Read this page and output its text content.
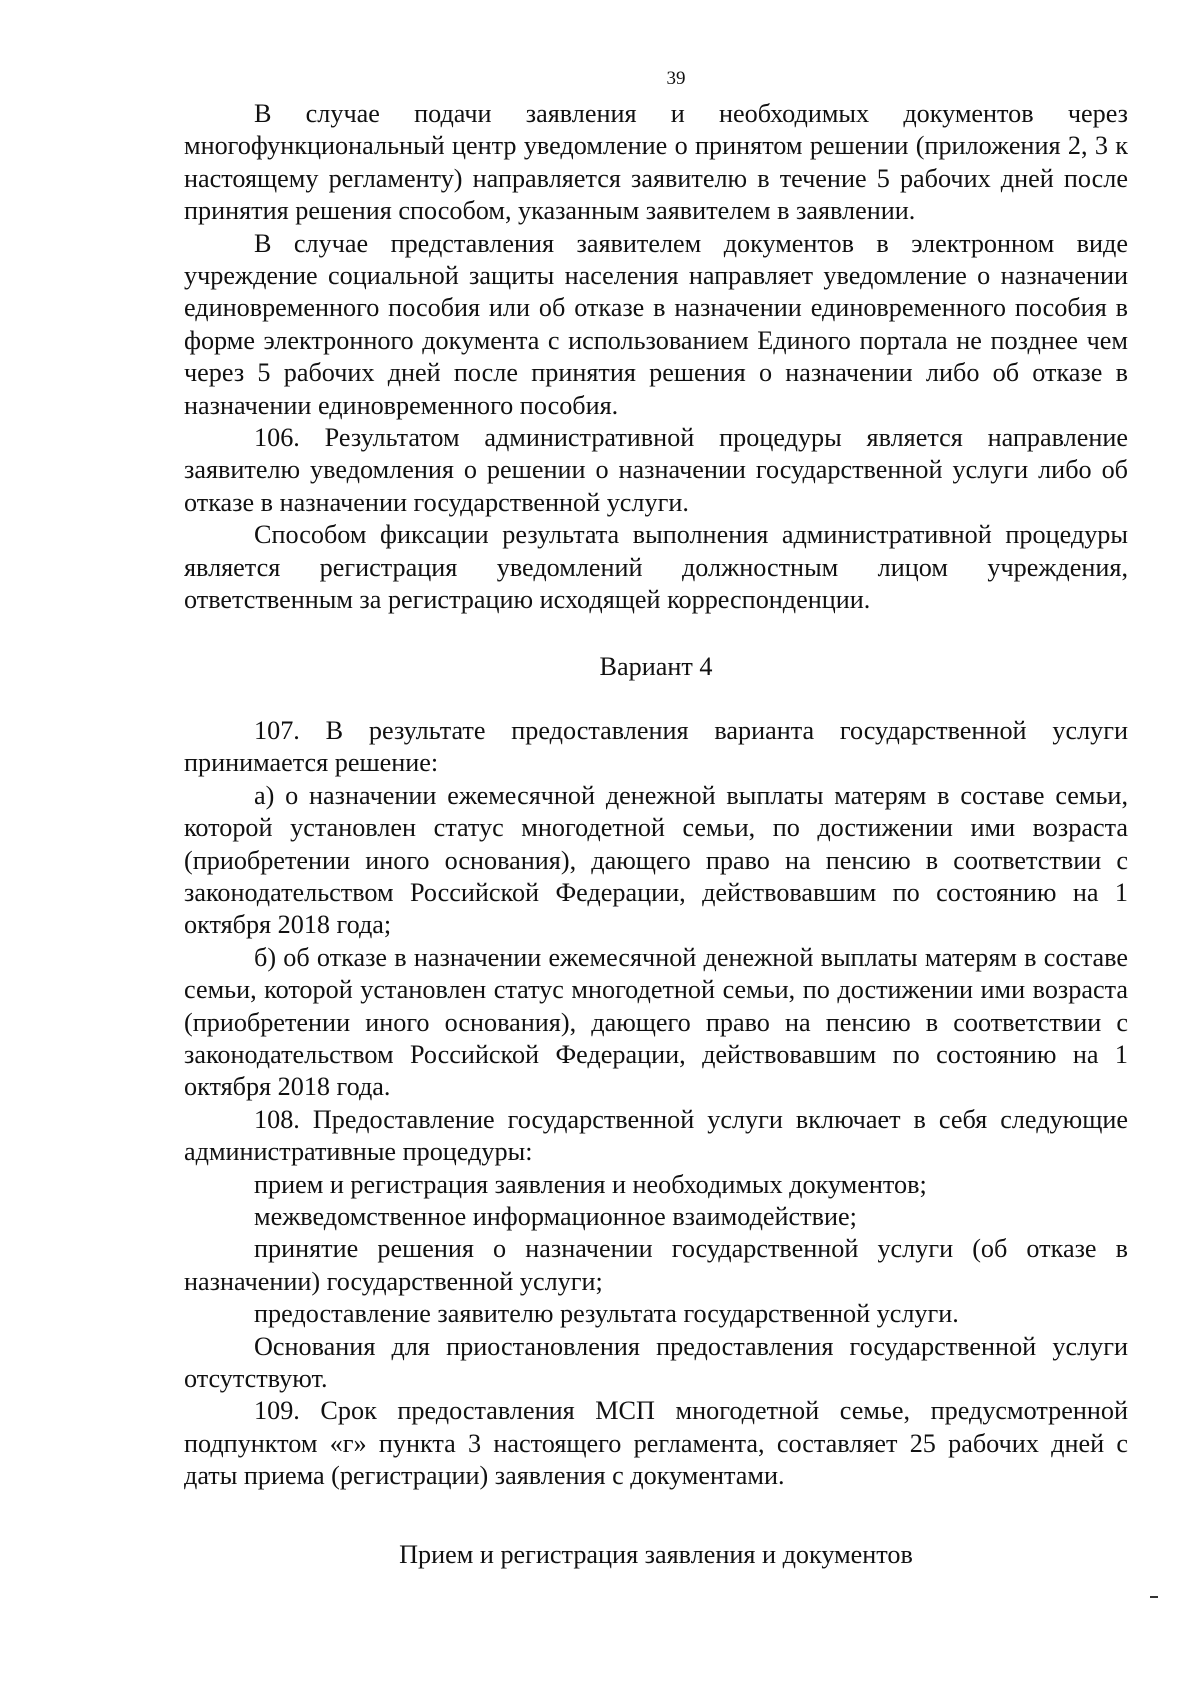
39

В случае подачи заявления и необходимых документов через многофункциональный центр уведомление о принятом решении (приложения 2, 3 к настоящему регламенту) направляется заявителю в течение 5 рабочих дней после принятия решения способом, указанным заявителем в заявлении.

В случае представления заявителем документов в электронном виде учреждение социальной защиты населения направляет уведомление о назначении единовременного пособия или об отказе в назначении единовременного пособия в форме электронного документа с использованием Единого портала не позднее чем через 5 рабочих дней после принятия решения о назначении либо об отказе в назначении единовременного пособия.

106. Результатом административной процедуры является направление заявителю уведомления о решении о назначении государственной услуги либо об отказе в назначении государственной услуги.

Способом фиксации результата выполнения административной процедуры является регистрация уведомлений должностным лицом учреждения, ответственным за регистрацию исходящей корреспонденции.

Вариант 4

107. В результате предоставления варианта государственной услуги принимается решение:

а) о назначении ежемесячной денежной выплаты матерям в составе семьи, которой установлен статус многодетной семьи, по достижении ими возраста (приобретении иного основания), дающего право на пенсию в соответствии с законодательством Российской Федерации, действовавшим по состоянию на 1 октября 2018 года;

б) об отказе в назначении ежемесячной денежной выплаты матерям в составе семьи, которой установлен статус многодетной семьи, по достижении ими возраста (приобретении иного основания), дающего право на пенсию в соответствии с законодательством Российской Федерации, действовавшим по состоянию на 1 октября 2018 года.

108. Предоставление государственной услуги включает в себя следующие административные процедуры:

прием и регистрация заявления и необходимых документов;

межведомственное информационное взаимодействие;

принятие решения о назначении государственной услуги (об отказе в назначении) государственной услуги;

предоставление заявителю результата государственной услуги.

Основания для приостановления предоставления государственной услуги отсутствуют.

109. Срок предоставления МСП многодетной семье, предусмотренной подпунктом «г» пункта 3 настоящего регламента, составляет 25 рабочих дней с даты приема (регистрации) заявления с документами.

Прием и регистрация заявления и документов
